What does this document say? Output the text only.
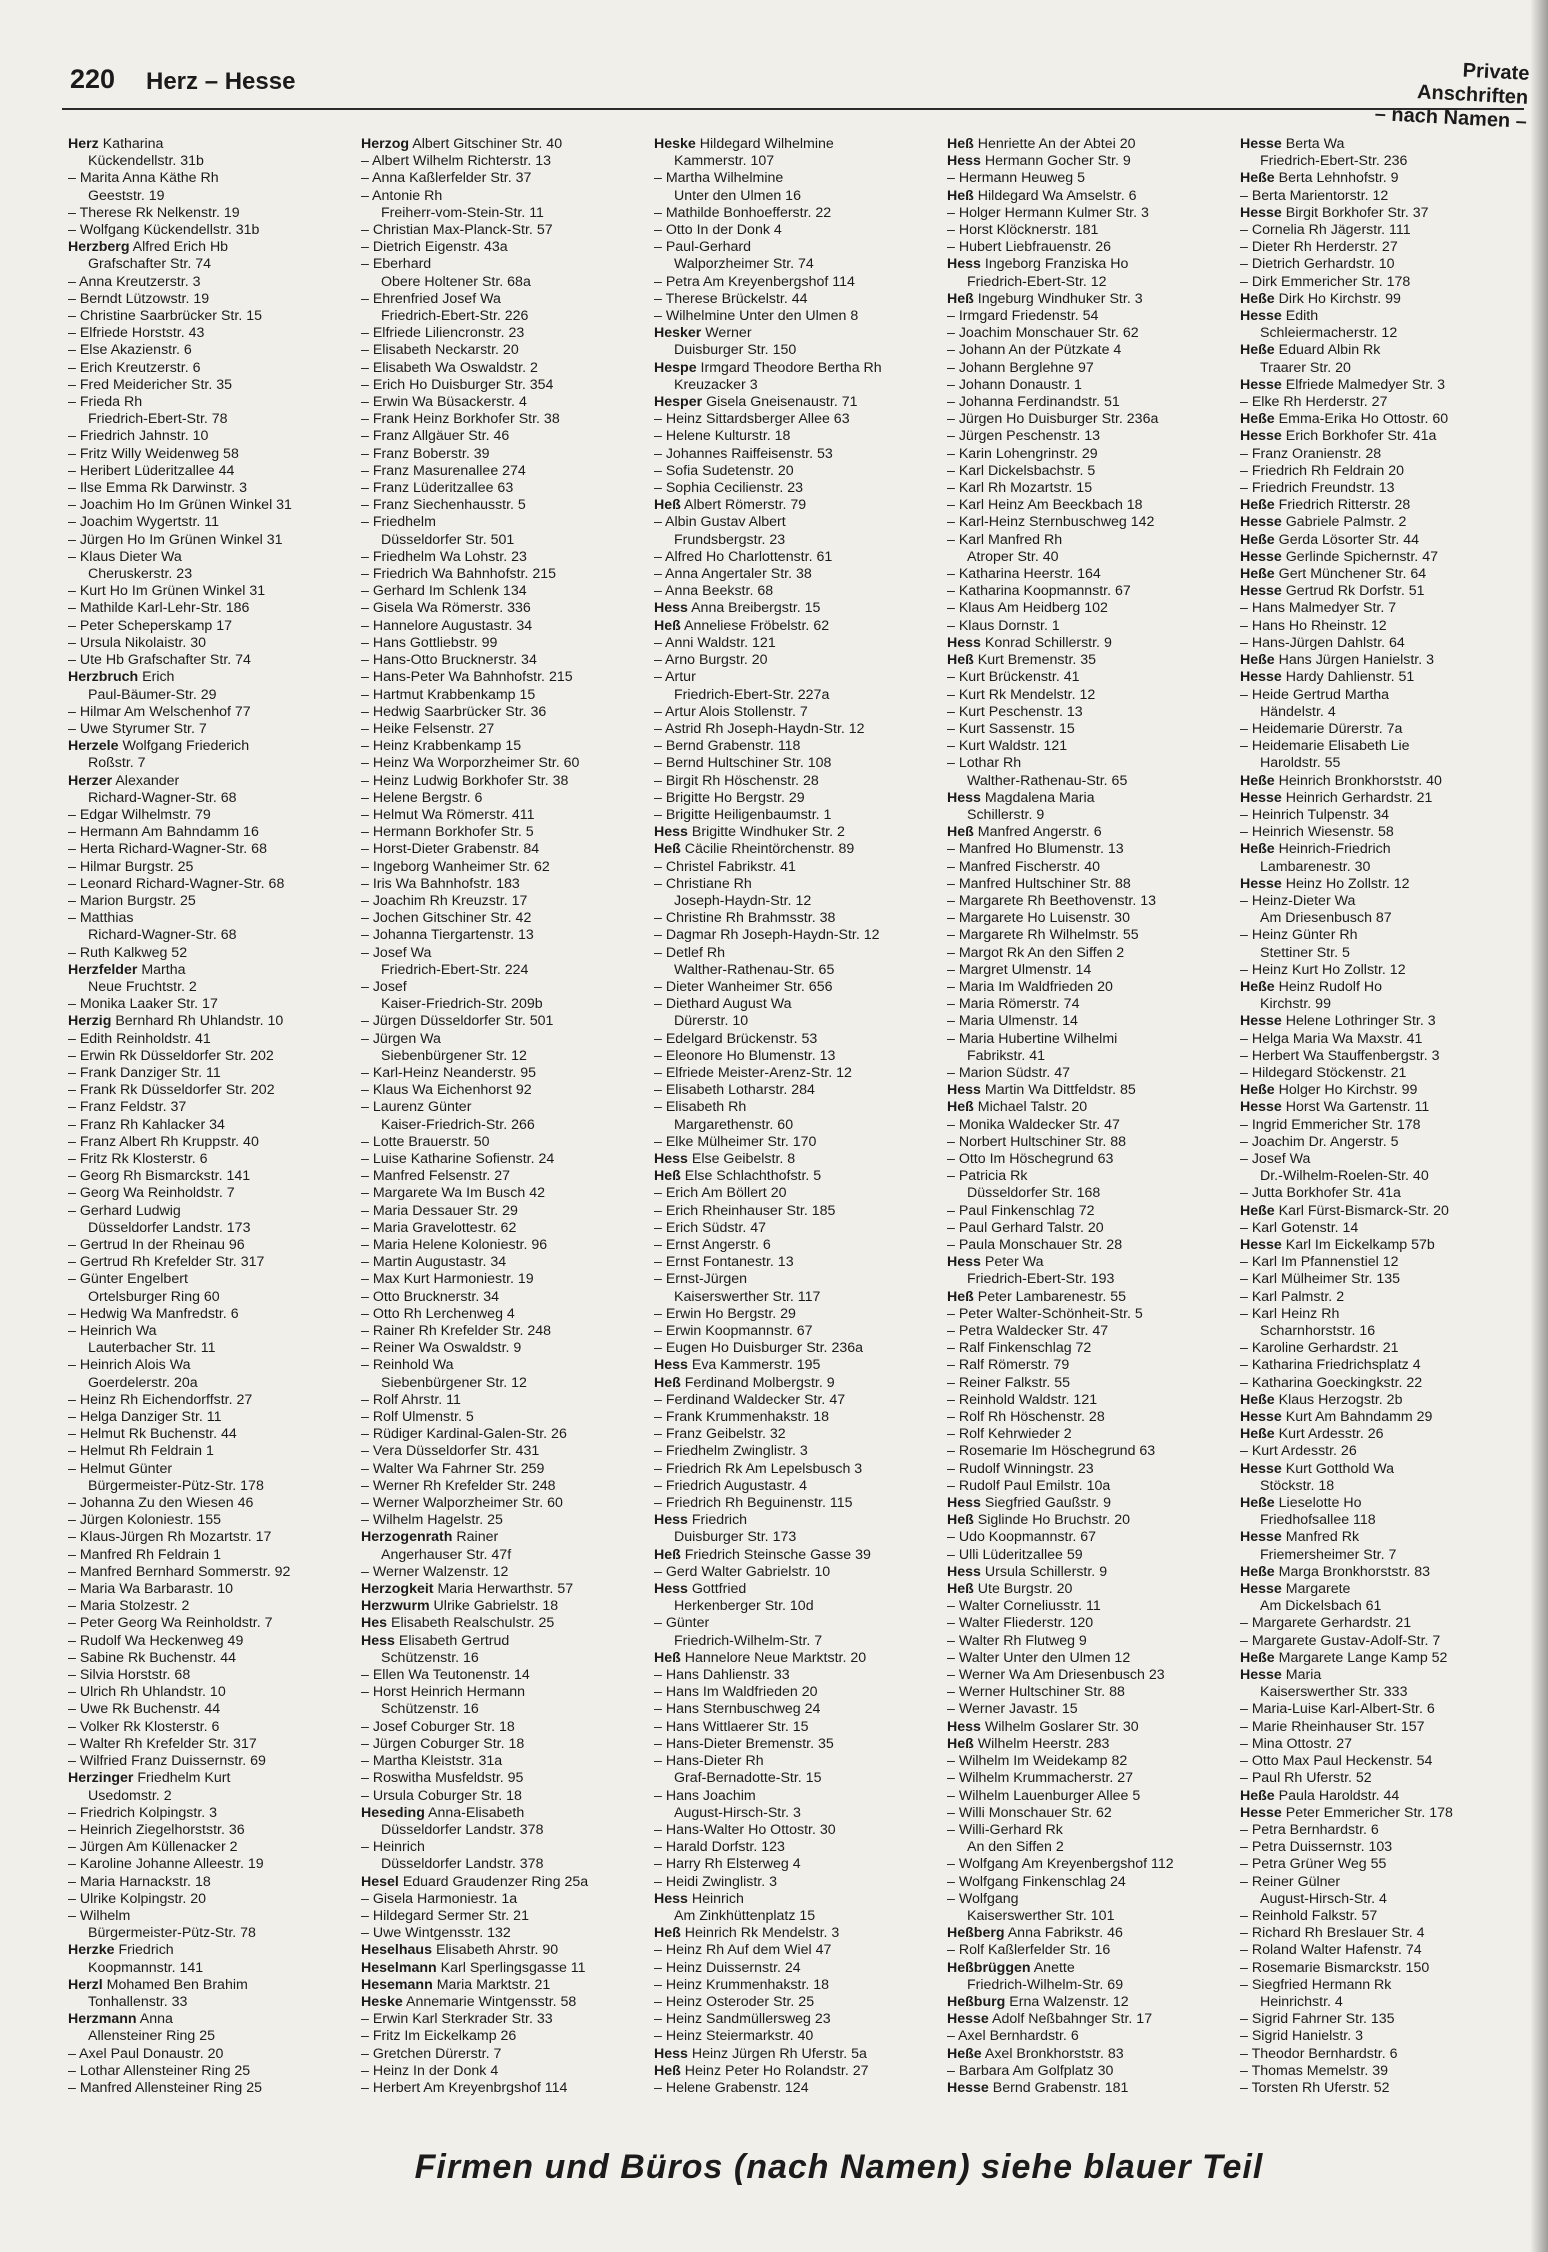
220 Herz – Hesse	Private Anschriften
– nach Namen –
Herz Katharina
Kückendellstr. 31b
– Marita Anna Käthe Rh
Geeststr. 19
– Therese Rk Nelkenstr. 19
– Wolfgang Kückendellstr. 31b
Herzberg Alfred Erich Hb
Grafschafter Str. 74
– Anna Kreutzerstr. 3
– Berndt Lützowstr. 19
– Christine Saarbrücker Str. 15
– Elfriede Horststr. 43
– Else Akazienstr. 6
– Erich Kreutzerstr. 6
– Fred Meidericher Str. 35
– Frieda Rh
Friedrich-Ebert-Str. 78
– Friedrich Jahnstr. 10
– Fritz Willy Weidenweg 58
– Heribert Lüderitzallee 44
– Ilse Emma Rk Darwinstr. 3
– Joachim Ho Im Grünen Winkel 31
– Joachim Wygertstr. 11
– Jürgen Ho Im Grünen Winkel 31
– Klaus Dieter Wa
Cheruskerstr. 23
– Kurt Ho Im Grünen Winkel 31
– Mathilde Karl-Lehr-Str. 186
– Peter Scheperskamp 17
– Ursula Nikolaistr. 30
– Ute Hb Grafschafter Str. 74
Herzbruch Erich
Paul-Bäumer-Str. 29
– Hilmar Am Welschenhof 77
– Uwe Styrumer Str. 7
Herzele Wolfgang Friederich
Roßstr. 7
Herzer Alexander
Richard-Wagner-Str. 68
– Edgar Wilhelmstr. 79
– Hermann Am Bahndamm 16
– Herta Richard-Wagner-Str. 68
– Hilmar Burgstr. 25
– Leonard Richard-Wagner-Str. 68
– Marion Burgstr. 25
– Matthias
Richard-Wagner-Str. 68
– Ruth Kalkweg 52
Herzfelder Martha
Neue Fruchtstr. 2
– Monika Laaker Str. 17
Herzig Bernhard Rh Uhlandstr. 10
– Edith Reinholdstr. 41
– Erwin Rk Düsseldorfer Str. 202
– Frank Danziger Str. 11
– Frank Rk Düsseldorfer Str. 202
– Franz Feldstr. 37
– Franz Rh Kahlacker 34
– Franz Albert Rh Kruppstr. 40
– Fritz Rk Klosterstr. 6
– Georg Rh Bismarckstr. 141
– Georg Wa Reinholdstr. 7
– Gerhard Ludwig
Düsseldorfer Landstr. 173
– Gertrud In der Rheinau 96
– Gertrud Rh Krefelder Str. 317
– Günter Engelbert
Ortelsburger Ring 60
– Hedwig Wa Manfredstr. 6
– Heinrich Wa
Lauterbacher Str. 11
– Heinrich Alois Wa
Goerdelerstr. 20a
– Heinz Rh Eichendorffstr. 27
– Helga Danziger Str. 11
– Helmut Rk Buchenstr. 44
– Helmut Rh Feldrain 1
– Helmut Günter
Bürgermeister-Pütz-Str. 178
– Johanna Zu den Wiesen 46
– Jürgen Koloniestr. 155
– Klaus-Jürgen Rh Mozartstr. 17
– Manfred Rh Feldrain 1
– Manfred Bernhard Sommerstr. 92
– Maria Wa Barbarastr. 10
– Maria Stolzestr. 2
– Peter Georg Wa Reinholdstr. 7
– Rudolf Wa Heckenweg 49
– Sabine Rk Buchenstr. 44
– Silvia Horststr. 68
– Ulrich Rh Uhlandstr. 10
– Uwe Rk Buchenstr. 44
– Volker Rk Klosterstr. 6
– Walter Rh Krefelder Str. 317
– Wilfried Franz Duissernstr. 69
Herzinger Friedhelm Kurt
Usedomstr. 2
– Friedrich Kolpingstr. 3
– Heinrich Ziegelhorststr. 36
– Jürgen Am Küllenacker 2
– Karoline Johanne Alleestr. 19
– Maria Harnackstr. 18
– Ulrike Kolpingstr. 20
– Wilhelm
Bürgermeister-Pütz-Str. 78
Herzke Friedrich
Koopmannstr. 141
Herzl Mohamed Ben Brahim
Tonhallenstr. 33
Herzmann Anna
Allensteiner Ring 25
– Axel Paul Donaustr. 20
– Lothar Allensteiner Ring 25
– Manfred Allensteiner Ring 25
Herzog Albert Gitschiner Str. 40
– Albert Wilhelm Richterstr. 13
– Anna Kaßlerfelder Str. 37
– Antonie Rh
Freiherr-vom-Stein-Str. 11
– Christian Max-Planck-Str. 57
– Dietrich Eigenstr. 43a
– Eberhard
Obere Holtener Str. 68a
– Ehrenfried Josef Wa
Friedrich-Ebert-Str. 226
– Elfriede Liliencronstr. 23
– Elisabeth Neckarstr. 20
– Elisabeth Wa Oswaldstr. 2
– Erich Ho Duisburger Str. 354
– Erwin Wa Büsackerstr. 4
– Frank Heinz Borkhofer Str. 38
– Franz Allgäuer Str. 46
– Franz Boberstr. 39
– Franz Masurenallee 274
– Franz Lüderitzallee 63
– Franz Siechenhausstr. 5
– Friedhelm
Düsseldorfer Str. 501
– Friedhelm Wa Lohstr. 23
– Friedrich Wa Bahnhofstr. 215
– Gerhard Im Schlenk 134
– Gisela Wa Römerstr. 336
– Hannelore Augustastr. 34
– Hans Gottliebstr. 99
– Hans-Otto Brucknerstr. 34
– Hans-Peter Wa Bahnhofstr. 215
– Hartmut Krabbenkamp 15
– Hedwig Saarbrücker Str. 36
– Heike Felsenstr. 27
– Heinz Krabbenkamp 15
– Heinz Wa Worporzheimer Str. 60
– Heinz Ludwig Borkhofer Str. 38
– Helene Bergstr. 6
– Helmut Wa Römerstr. 411
– Hermann Borkhofer Str. 5
– Horst-Dieter Grabenstr. 84
– Ingeborg Wanheimer Str. 62
– Iris Wa Bahnhofstr. 183
– Joachim Rh Kreuzstr. 17
– Jochen Gitschiner Str. 42
– Johanna Tiergartenstr. 13
– Josef Wa
Friedrich-Ebert-Str. 224
– Josef
Kaiser-Friedrich-Str. 209b
– Jürgen Düsseldorfer Str. 501
– Jürgen Wa
Siebenbürgener Str. 12
– Karl-Heinz Neanderstr. 95
– Klaus Wa Eichenhorst 92
– Laurenz Günter
Kaiser-Friedrich-Str. 266
– Lotte Brauerstr. 50
– Luise Katharine Sofienstr. 24
– Manfred Felsenstr. 27
– Margarete Wa Im Busch 42
– Maria Dessauer Str. 29
– Maria Gravelottestr. 62
– Maria Helene Koloniestr. 96
– Martin Augustastr. 34
– Max Kurt Harmoniestr. 19
– Otto Brucknerstr. 34
– Otto Rh Lerchenweg 4
– Rainer Rh Krefelder Str. 248
– Reiner Wa Oswaldstr. 9
– Reinhold Wa
Siebenbürgener Str. 12
– Rolf Ahrstr. 11
– Rolf Ulmenstr. 5
– Rüdiger Kardinal-Galen-Str. 26
– Vera Düsseldorfer Str. 431
– Walter Wa Fahrner Str. 259
– Werner Rh Krefelder Str. 248
– Werner Walporzheimer Str. 60
– Wilhelm Hagelstr. 25
Herzogenrath Rainer
Angerhauser Str. 47f
– Werner Walzenstr. 12
Herzogkeit Maria Herwarthstr. 57
Herzwurm Ulrike Gabrielstr. 18
Hes Elisabeth Realschulstr. 25
Hess Elisabeth Gertrud
Schützenstr. 16
– Ellen Wa Teutonenstr. 14
– Horst Heinrich Hermann
Schützenstr. 16
– Josef Coburger Str. 18
– Jürgen Coburger Str. 18
– Martha Kleiststr. 31a
– Roswitha Musfeldstr. 95
– Ursula Coburger Str. 18
Heseding Anna-Elisabeth
Düsseldorfer Landstr. 378
– Heinrich
Düsseldorfer Landstr. 378
Hesel Eduard Graudenzer Ring 25a
– Gisela Harmoniestr. 1a
– Hildegard Sermer Str. 21
– Uwe Wintgensstr. 132
Heselhaus Elisabeth Ahrstr. 90
Heselmann Karl Sperlingsgasse 11
Hesemann Maria Marktstr. 21
Heske Annemarie Wintgensstr. 58
– Erwin Karl Sterkrader Str. 33
– Fritz Im Eickelkamp 26
– Gretchen Dürerstr. 7
– Heinz In der Donk 4
– Herbert Am Kreyenbrgshof 114
Heske Hildegard Wilhelmine
Kammerstr. 107
– Martha Wilhelmine
Unter den Ulmen 16
– Mathilde Bonhoefferstr. 22
– Otto In der Donk 4
– Paul-Gerhard
Walporzheimer Str. 74
– Petra Am Kreyenbergshof 114
– Therese Brückelstr. 44
– Wilhelmine Unter den Ulmen 8
Hesker Werner
Duisburger Str. 150
Hespe Irmgard Theodore Bertha Rh
Kreuzacker 3
Hesper Gisela Gneisenaustr. 71
– Heinz Sittardsberger Allee 63
– Helene Kulturstr. 18
– Johannes Raiffeisenstr. 53
– Sofia Sudetenstr. 20
– Sophia Cecilienstr. 23
Heß Albert Römerstr. 79
– Albin Gustav Albert
Frundsbergstr. 23
– Alfred Ho Charlottenstr. 61
– Anna Angertaler Str. 38
– Anna Beekstr. 68
Hess Anna Breibergstr. 15
Heß Anneliese Fröbelstr. 62
– Anni Waldstr. 121
– Arno Burgstr. 20
– Artur
Friedrich-Ebert-Str. 227a
– Artur Alois Stollenstr. 7
– Astrid Rh Joseph-Haydn-Str. 12
– Bernd Grabenstr. 118
– Bernd Hultschiner Str. 108
– Birgit Rh Höschenstr. 28
– Brigitte Ho Bergstr. 29
– Brigitte Heiligenbaumstr. 1
Hess Brigitte Windhuker Str. 2
Heß Cäcilie Rheintörchenstr. 89
– Christel Fabrikstr. 41
– Christiane Rh
Joseph-Haydn-Str. 12
– Christine Rh Brahmsstr. 38
– Dagmar Rh Joseph-Haydn-Str. 12
– Detlef Rh
Walther-Rathenau-Str. 65
– Dieter Wanheimer Str. 656
– Diethard August Wa
Dürerstr. 10
– Edelgard Brückenstr. 53
– Eleonore Ho Blumenstr. 13
– Elfriede Meister-Arenz-Str. 12
– Elisabeth Lotharstr. 284
– Elisabeth Rh
Margarethenstr. 60
– Elke Mülheimer Str. 170
Hess Else Geibelstr. 8
Heß Else Schlachthofstr. 5
– Erich Am Böllert 20
– Erich Rheinhauser Str. 185
– Erich Südstr. 47
– Ernst Angerstr. 6
– Ernst Fontanestr. 13
– Ernst-Jürgen
Kaiserswerther Str. 117
– Erwin Ho Bergstr. 29
– Erwin Koopmannstr. 67
– Eugen Ho Duisburger Str. 236a
Hess Eva Kammerstr. 195
Heß Ferdinand Molbergstr. 9
– Ferdinand Waldecker Str. 47
– Frank Krummenhakstr. 18
– Franz Geibelstr. 32
– Friedhelm Zwinglistr. 3
– Friedrich Rk Am Lepelsbusch 3
– Friedrich Augustastr. 4
– Friedrich Rh Beguinenstr. 115
Hess Friedrich
Duisburger Str. 173
Heß Friedrich Steinsche Gasse 39
– Gerd Walter Gabrielstr. 10
Hess Gottfried
Herkenberger Str. 10d
– Günter
Friedrich-Wilhelm-Str. 7
Heß Hannelore Neue Marktstr. 20
– Hans Dahlienstr. 33
– Hans Im Waldfrieden 20
– Hans Sternbuschweg 24
– Hans Wittlaerer Str. 15
– Hans-Dieter Bremenstr. 35
– Hans-Dieter Rh
Graf-Bernadotte-Str. 15
– Hans Joachim
August-Hirsch-Str. 3
– Hans-Walter Ho Ottostr. 30
– Harald Dorfstr. 123
– Harry Rh Elsterweg 4
– Heidi Zwinglistr. 3
Hess Heinrich
Am Zinkhüttenplatz 15
Heß Heinrich Rk Mendelstr. 3
– Heinz Rh Auf dem Wiel 47
– Heinz Duissernstr. 24
– Heinz Krummenhakstr. 18
– Heinz Osteroder Str. 25
– Heinz Sandmüllersweg 23
– Heinz Steiermarkstr. 40
Hess Heinz Jürgen Rh Uferstr. 5a
Heß Heinz Peter Ho Rolandstr. 27
– Helene Grabenstr. 124
Heß Henriette An der Abtei 20
Hess Hermann Gocher Str. 9
– Hermann Heuweg 5
Heß Hildegard Wa Amselstr. 6
– Holger Hermann Kulmer Str. 3
– Horst Klöcknerstr. 181
– Hubert Liebfrauenstr. 26
Hess Ingeborg Franziska Ho
Friedrich-Ebert-Str. 12
Heß Ingeburg Windhuker Str. 3
– Irmgard Friedenstr. 54
– Joachim Monschauer Str. 62
– Johann An der Pützkate 4
– Johann Berglehne 97
– Johann Donaustr. 1
– Johanna Ferdinandstr. 51
– Jürgen Ho Duisburger Str. 236a
– Jürgen Peschenstr. 13
– Karin Lohengrinstr. 29
– Karl Dickelsbachstr. 5
– Karl Rh Mozartstr. 15
– Karl Heinz Am Beeckbach 18
– Karl-Heinz Sternbuschweg 142
– Karl Manfred Rh
Atroper Str. 40
– Katharina Heerstr. 164
– Katharina Koopmannstr. 67
– Klaus Am Heidberg 102
– Klaus Dornstr. 1
Hess Konrad Schillerstr. 9
Heß Kurt Bremenstr. 35
– Kurt Brückenstr. 41
– Kurt Rk Mendelstr. 12
– Kurt Peschenstr. 13
– Kurt Sassenstr. 15
– Kurt Waldstr. 121
– Lothar Rh
Walther-Rathenau-Str. 65
Hess Magdalena Maria
Schillerstr. 9
Heß Manfred Angerstr. 6
– Manfred Ho Blumenstr. 13
– Manfred Fischerstr. 40
– Manfred Hultschiner Str. 88
– Margarete Rh Beethovenstr. 13
– Margarete Ho Luisenstr. 30
– Margarete Rh Wilhelmstr. 55
– Margot Rk An den Siffen 2
– Margret Ulmenstr. 14
– Maria Im Waldfrieden 20
– Maria Römerstr. 74
– Maria Ulmenstr. 14
– Maria Hubertine Wilhelmi
Fabrikstr. 41
– Marion Südstr. 47
Hess Martin Wa Dittfeldstr. 85
Heß Michael Talstr. 20
– Monika Waldecker Str. 47
– Norbert Hultschiner Str. 88
– Otto Im Höschegrund 63
– Patricia Rk
Düsseldorfer Str. 168
– Paul Finkenschlag 72
– Paul Gerhard Talstr. 20
– Paula Monschauer Str. 28
Hess Peter Wa
Friedrich-Ebert-Str. 193
Heß Peter Lambarenestr. 55
– Peter Walter-Schönheit-Str. 5
– Petra Waldecker Str. 47
– Ralf Finkenschlag 72
– Ralf Römerstr. 79
– Reiner Falkstr. 55
– Reinhold Waldstr. 121
– Rolf Rh Höschenstr. 28
– Rolf Kehrwieder 2
– Rosemarie Im Höschegrund 63
– Rudolf Winningstr. 23
– Rudolf Paul Emilstr. 10a
Hess Siegfried Gaußstr. 9
Heß Siglinde Ho Bruchstr. 20
– Udo Koopmannstr. 67
– Ulli Lüderitzallee 59
Hess Ursula Schillerstr. 9
Heß Ute Burgstr. 20
– Walter Corneliusstr. 11
– Walter Fliederstr. 120
– Walter Rh Flutweg 9
– Walter Unter den Ulmen 12
– Werner Wa Am Driesenbusch 23
– Werner Hultschiner Str. 88
– Werner Javastr. 15
Hess Wilhelm Goslarer Str. 30
Heß Wilhelm Heerstr. 283
– Wilhelm Im Weidekamp 82
– Wilhelm Krummacherstr. 27
– Wilhelm Lauenburger Allee 5
– Willi Monschauer Str. 62
– Willi-Gerhard Rk
An den Siffen 2
– Wolfgang Am Kreyenbergshof 112
– Wolfgang Finkenschlag 24
– Wolfgang
Kaiserswerther Str. 101
Heßberg Anna Fabrikstr. 46
– Rolf Kaßlerfelder Str. 16
Heßbrüggen Anette
Friedrich-Wilhelm-Str. 69
Heßburg Erna Walzenstr. 12
Hesse Adolf Neßbahnger Str. 17
– Axel Bernhardstr. 6
Heße Axel Bronkhorststr. 83
– Barbara Am Golfplatz 30
Hesse Bernd Grabenstr. 181
Hesse Berta Wa
Friedrich-Ebert-Str. 236
Heße Berta Lehnhofstr. 9
– Berta Marientorstr. 12
Hesse Birgit Borkhofer Str. 37
– Cornelia Rh Jägerstr. 111
– Dieter Rh Herderstr. 27
– Dietrich Gerhardstr. 10
– Dirk Emmericher Str. 178
Heße Dirk Ho Kirchstr. 99
Hesse Edith
Schleiermacherstr. 12
Heße Eduard Albin Rk
Traarer Str. 20
Hesse Elfriede Malmedyer Str. 3
– Elke Rh Herderstr. 27
Heße Emma-Erika Ho Ottostr. 60
Hesse Erich Borkhofer Str. 41a
– Franz Oranienstr. 28
– Friedrich Rh Feldrain 20
– Friedrich Freundstr. 13
Heße Friedrich Ritterstr. 28
Hesse Gabriele Palmstr. 2
Heße Gerda Lösorter Str. 44
Hesse Gerlinde Spichernstr. 47
Heße Gert Münchener Str. 64
Hesse Gertrud Rk Dorfstr. 51
– Hans Malmedyer Str. 7
– Hans Ho Rheinstr. 12
– Hans-Jürgen Dahlstr. 64
Heße Hans Jürgen Hanielstr. 3
Hesse Hardy Dahlienstr. 51
– Heide Gertrud Martha
Händelstr. 4
– Heidemarie Dürerstr. 7a
– Heidemarie Elisabeth Lie
Haroldstr. 55
Heße Heinrich Bronkhorststr. 40
Hesse Heinrich Gerhardstr. 21
– Heinrich Tulpenstr. 34
– Heinrich Wiesenstr. 58
Heße Heinrich-Friedrich
Lambarenestr. 30
Hesse Heinz Ho Zollstr. 12
– Heinz-Dieter Wa
Am Driesenbusch 87
– Heinz Günter Rh
Stettiner Str. 5
– Heinz Kurt Ho Zollstr. 12
Heße Heinz Rudolf Ho
Kirchstr. 99
Hesse Helene Lothringer Str. 3
– Helga Maria Wa Maxstr. 41
– Herbert Wa Stauffenbergstr. 3
– Hildegard Stöckenstr. 21
Heße Holger Ho Kirchstr. 99
Hesse Horst Wa Gartenstr. 11
– Ingrid Emmericher Str. 178
– Joachim Dr. Angerstr. 5
– Josef Wa
Dr.-Wilhelm-Roelen-Str. 40
– Jutta Borkhofer Str. 41a
Heße Karl Fürst-Bismarck-Str. 20
– Karl Gotenstr. 14
Hesse Karl Im Eickelkamp 57b
– Karl Im Pfannenstiel 12
– Karl Mülheimer Str. 135
– Karl Palmstr. 2
– Karl Heinz Rh
Scharnhorststr. 16
– Karoline Gerhardstr. 21
– Katharina Friedrichsplatz 4
– Katharina Goeckingkstr. 22
Heße Klaus Herzogstr. 2b
Hesse Kurt Am Bahndamm 29
Heße Kurt Ardesstr. 26
– Kurt Ardesstr. 26
Hesse Kurt Gotthold Wa
Stöckstr. 18
Heße Lieselotte Ho
Friedhofsallee 118
Hesse Manfred Rk
Friemersheimer Str. 7
Heße Marga Bronkhorststr. 83
Hesse Margarete
Am Dickelsbach 61
– Margarete Gerhardstr. 21
– Margarete Gustav-Adolf-Str. 7
Heße Margarete Lange Kamp 52
Hesse Maria
Kaiserswerther Str. 333
– Maria-Luise Karl-Albert-Str. 6
– Marie Rheinhauser Str. 157
– Mina Ottostr. 27
– Otto Max Paul Heckenstr. 54
– Paul Rh Uferstr. 52
Heße Paula Haroldstr. 44
Hesse Peter Emmericher Str. 178
– Petra Bernhardstr. 6
– Petra Duissernstr. 103
– Petra Grüner Weg 55
– Reiner Gülner
August-Hirsch-Str. 4
– Reinhold Falkstr. 57
– Richard Rh Breslauer Str. 4
– Roland Walter Hafenstr. 74
– Rosemarie Bismarckstr. 150
– Siegfried Hermann Rk
Heinrichstr. 4
– Sigrid Fahrner Str. 135
– Sigrid Hanielstr. 3
– Theodor Bernhardstr. 6
– Thomas Memelstr. 39
– Torsten Rh Uferstr. 52
Firmen und Büros (nach Namen) siehe blauer Teil
